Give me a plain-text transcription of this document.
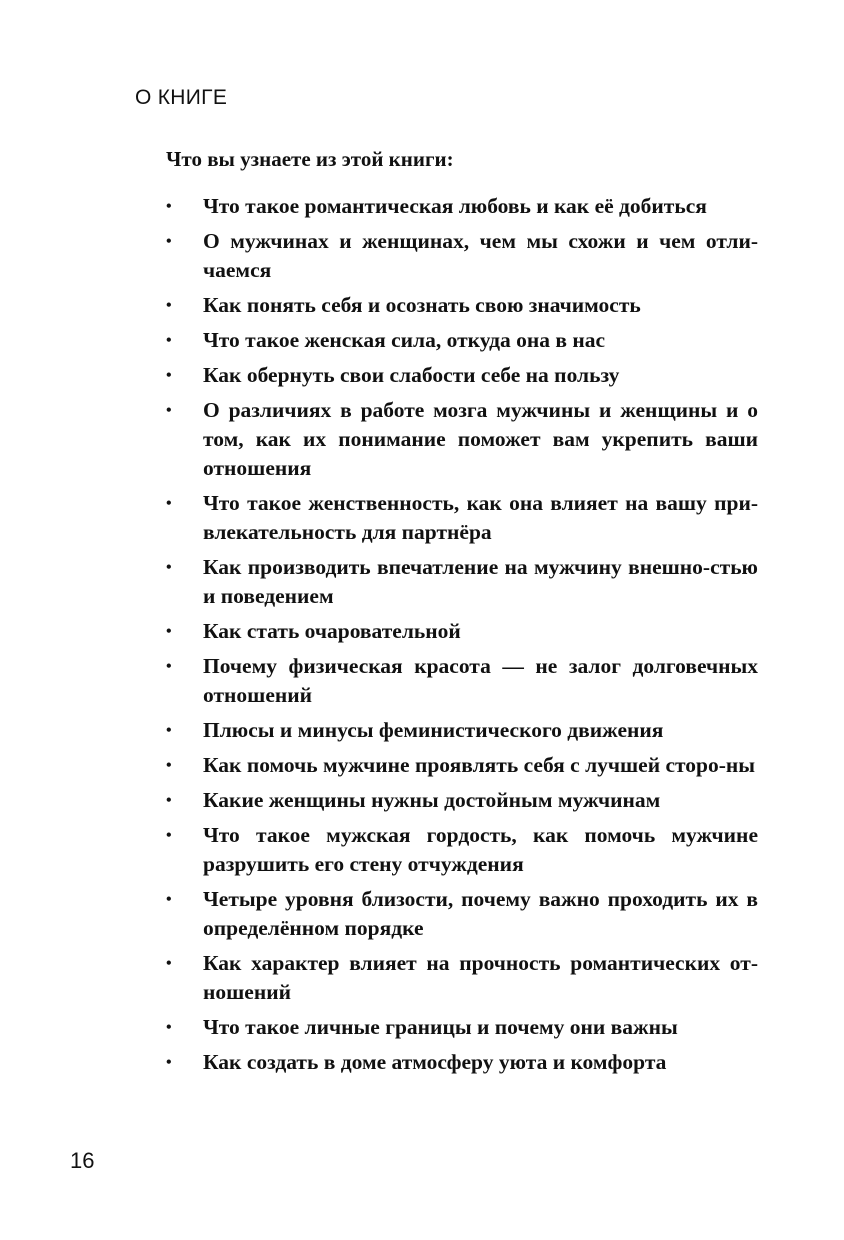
О КНИГЕ
Что вы узнаете из этой книги:
• Что такое романтическая любовь и как её добиться
• О мужчинах и женщинах, чем мы схожи и чем отли-чаемся
• Как понять себя и осознать свою значимость
• Что такое женская сила, откуда она в нас
• Как обернуть свои слабости себе на пользу
• О различиях в работе мозга мужчины и женщины и о том, как их понимание поможет вам укрепить ваши отношения
• Что такое женственность, как она влияет на вашу при-влекательность для партнёра
• Как производить впечатление на мужчину внешно-стью и поведением
• Как стать очаровательной
• Почему физическая красота — не залог долговечных отношений
• Плюсы и минусы феминистического движения
• Как помочь мужчине проявлять себя с лучшей сторо-ны
• Какие женщины нужны достойным мужчинам
• Что такое мужская гордость, как помочь мужчине разрушить его стену отчуждения
• Четыре уровня близости, почему важно проходить их в определённом порядке
• Как характер влияет на прочность романтических от-ношений
• Что такое личные границы и почему они важны
• Как создать в доме атмосферу уюта и комфорта
16
